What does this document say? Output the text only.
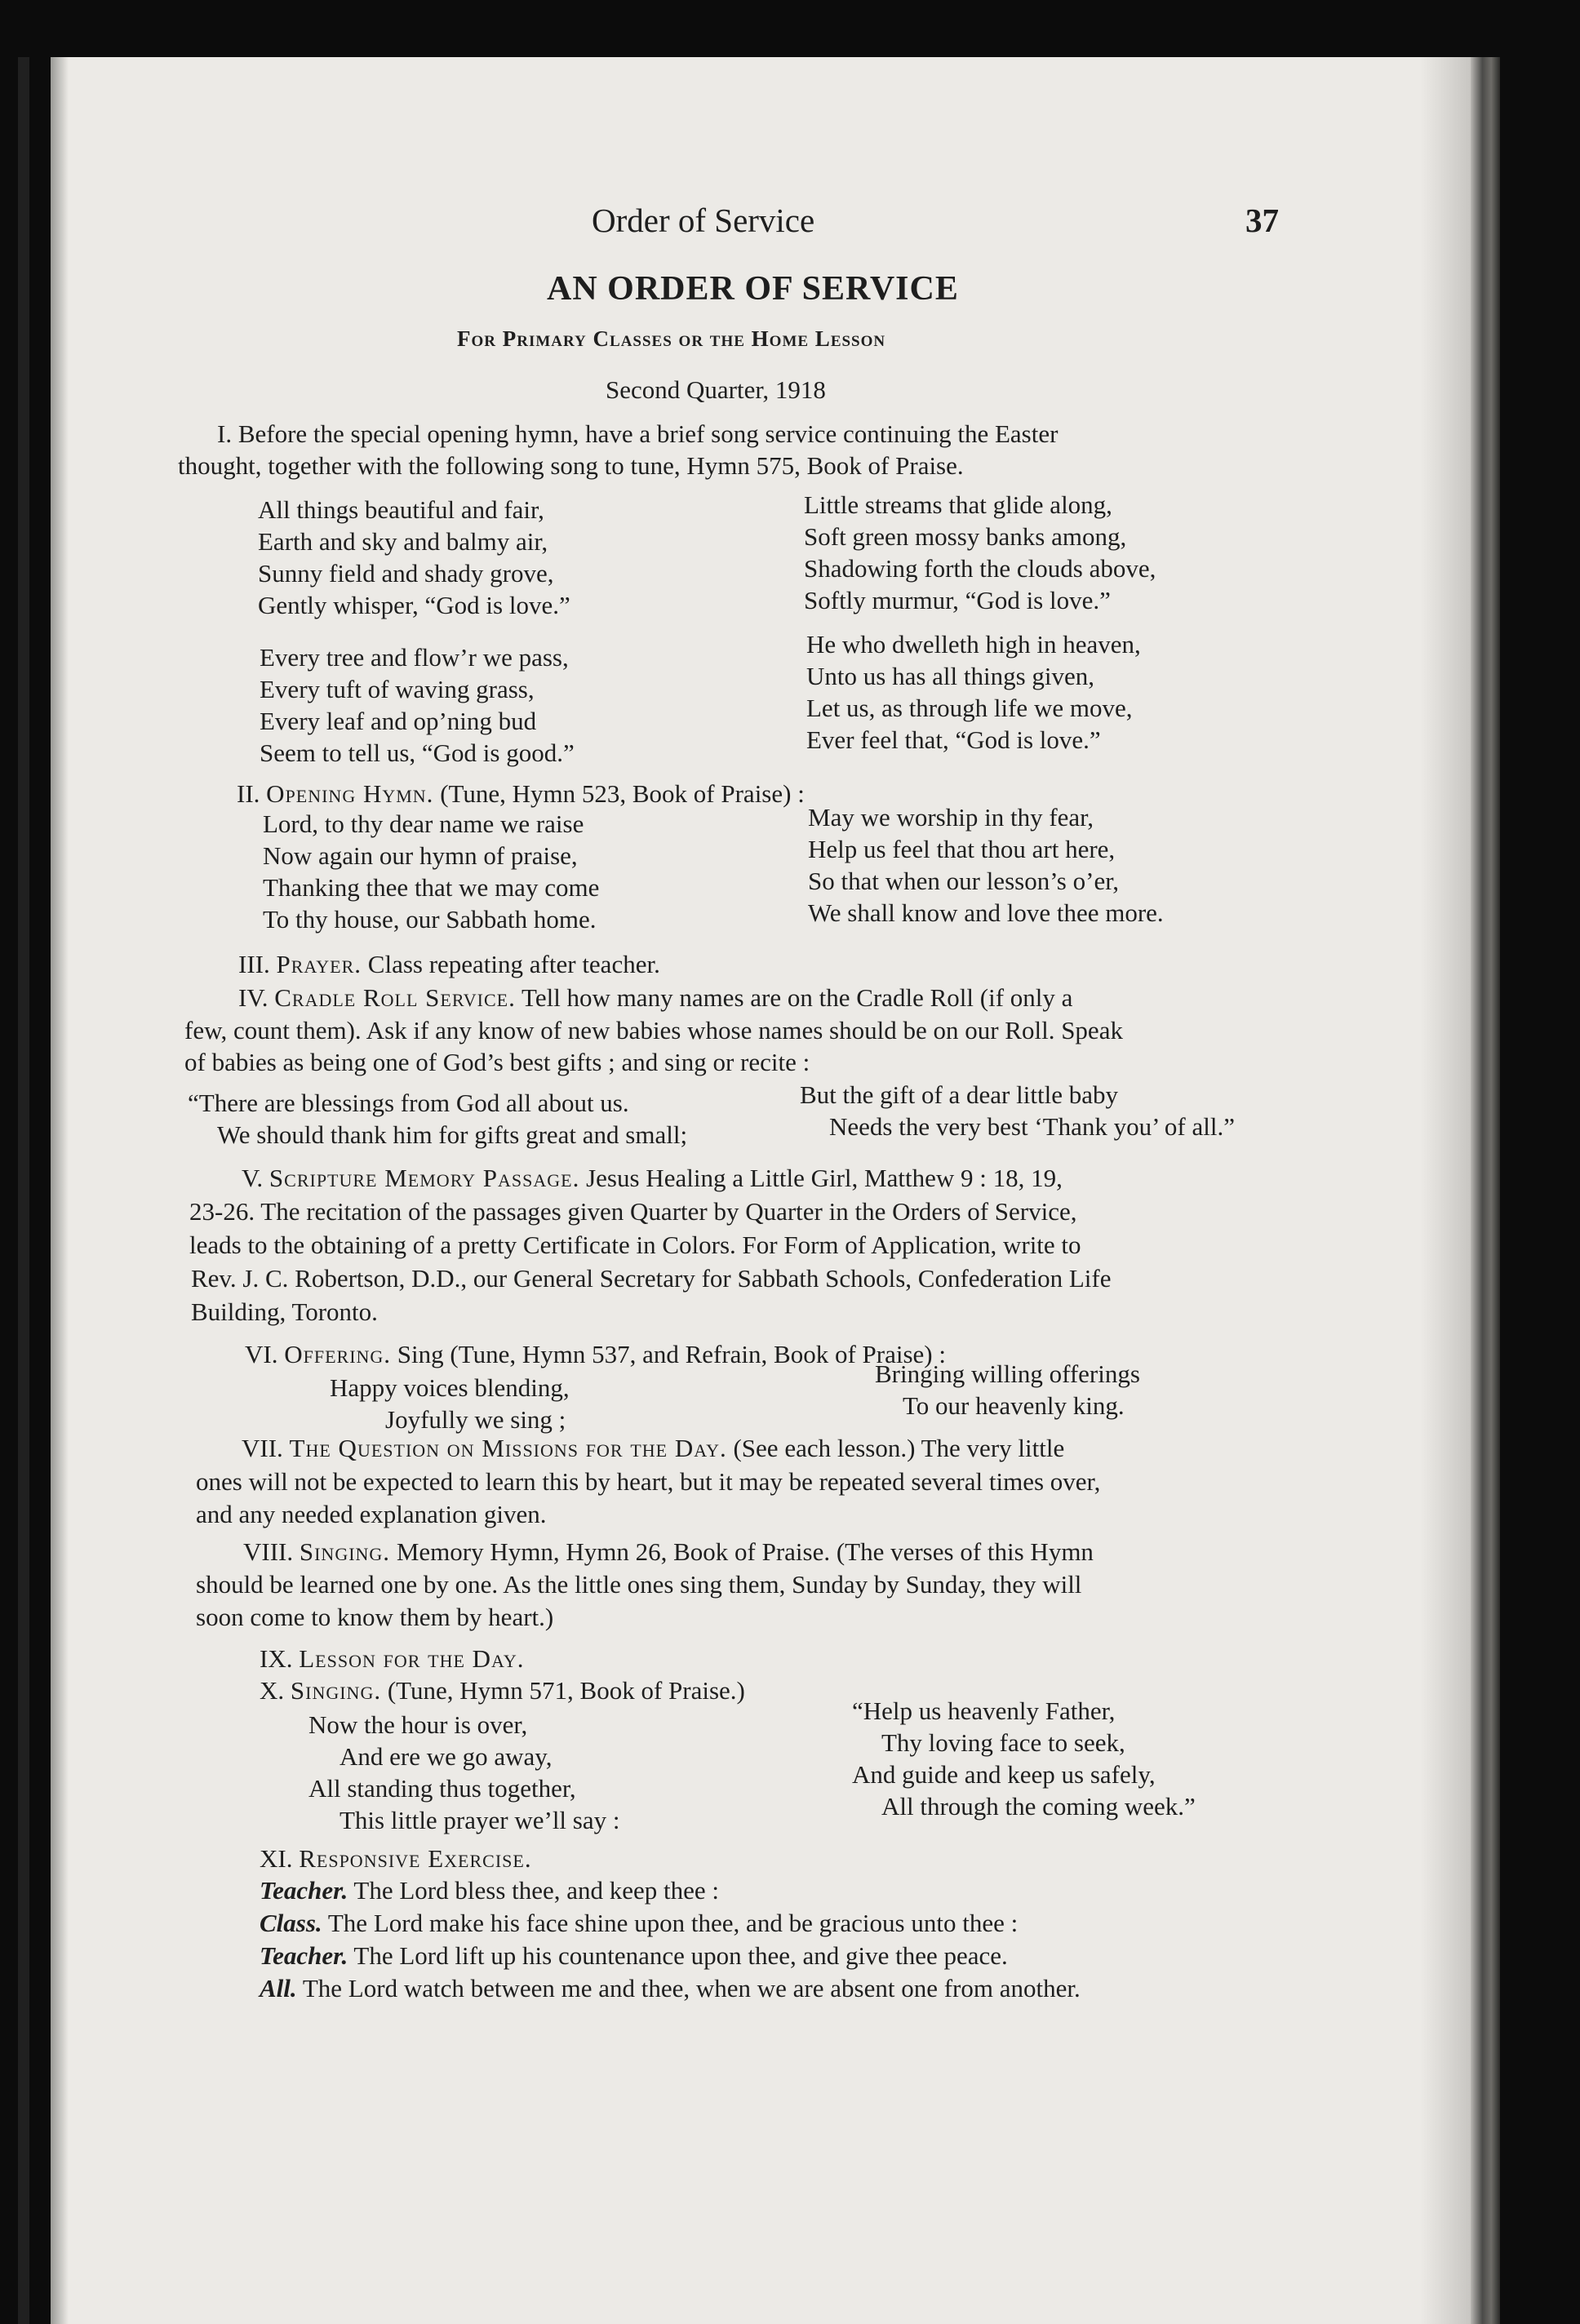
Order of Service	37
AN ORDER OF SERVICE
For Primary Classes or the Home Lesson
Second Quarter, 1918
I. Before the special opening hymn, have a brief song service continuing the Easter
thought, together with the following song to tune, Hymn 575, Book of Praise.
All things beautiful and fair,
Earth and sky and balmy air,
Sunny field and shady grove,
Gently whisper, “God is love.”
Little streams that glide along,
Soft green mossy banks among,
Shadowing forth the clouds above,
Softly murmur, “God is love.”
Every tree and flow’r we pass,
Every tuft of waving grass,
Every leaf and op’ning bud
Seem to tell us, “God is good.”
He who dwelleth high in heaven,
Unto us has all things given,
Let us, as through life we move,
Ever feel that, “God is love.”
II. Opening Hymn. (Tune, Hymn 523, Book of Praise) :
Lord, to thy dear name we raise
Now again our hymn of praise,
Thanking thee that we may come
To thy house, our Sabbath home.
May we worship in thy fear,
Help us feel that thou art here,
So that when our lesson’s o’er,
We shall know and love thee more.
III. Prayer. Class repeating after teacher.
IV. Cradle Roll Service. Tell how many names are on the Cradle Roll (if only a
few, count them). Ask if any know of new babies whose names should be on our Roll. Speak
of babies as being one of God’s best gifts ; and sing or recite :
“There are blessings from God all about us.
We should thank him for gifts great and small;
But the gift of a dear little baby
Needs the very best ‘Thank you’ of all.”
V. Scripture Memory Passage. Jesus Healing a Little Girl, Matthew 9 : 18, 19,
23-26. The recitation of the passages given Quarter by Quarter in the Orders of Service,
leads to the obtaining of a pretty Certificate in Colors. For Form of Application, write to
Rev. J. C. Robertson, D.D., our General Secretary for Sabbath Schools, Confederation Life
Building, Toronto.
VI. Offering. Sing (Tune, Hymn 537, and Refrain, Book of Praise) :
Happy voices blending,
Joyfully we sing ;
Bringing willing offerings
To our heavenly king.
VII. The Question on Missions for the Day. (See each lesson.) The very little
ones will not be expected to learn this by heart, but it may be repeated several times over,
and any needed explanation given.
VIII. Singing. Memory Hymn, Hymn 26, Book of Praise. (The verses of this Hymn
should be learned one by one. As the little ones sing them, Sunday by Sunday, they will
soon come to know them by heart.)
IX. Lesson for the Day.
X. Singing. (Tune, Hymn 571, Book of Praise.)
Now the hour is over,
And ere we go away,
All standing thus together,
This little prayer we’ll say :
“Help us heavenly Father,
Thy loving face to seek,
And guide and keep us safely,
All through the coming week.”
XI. Responsive Exercise.
Teacher. The Lord bless thee, and keep thee :
Class. The Lord make his face shine upon thee, and be gracious unto thee :
Teacher. The Lord lift up his countenance upon thee, and give thee peace.
All. The Lord watch between me and thee, when we are absent one from another.
